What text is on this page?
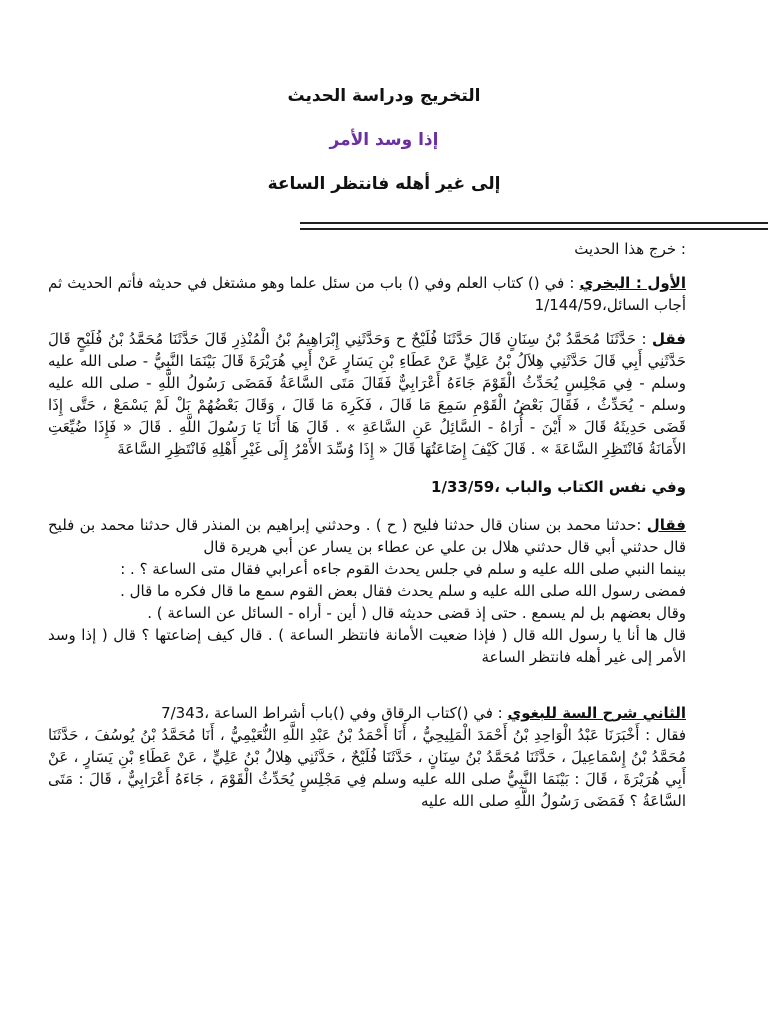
التخريج ودراسة الحديث
إذا وسد الأمر
إلى غير أهله فانتظر الساعة

: خرج هذا الحديث

الأول : البخري : في () كتاب العلم وفي () باب من سئل علما وهو مشتغل في حديثه فأتم الحديث ثم أجاب السائل،1/144/59

فقل : حَدَّثَنَا مُحَمَّدُ بْنُ سِنَانٍ قَالَ حَدَّثَنَا فُلَيْحٌ ح وَحَدَّثَنِي إِبْرَاهِيمُ بْنُ الْمُنْذِرِ قَالَ حَدَّثَنَا مُحَمَّدُ بْنُ فُلَيْحٍ قَالَ حَدَّثَنِي أَبِي قَالَ حَدَّثَنِي هِلاَلُ بْنُ عَلِيٍّ عَنْ عَطَاءِ بْنِ يَسَارٍ عَنْ أَبِي هُرَيْرَةَ قَالَ بَيْنَمَا النَّبِيُّ - صلى الله عليه وسلم - فِي مَجْلِسٍ يُحَدِّثُ الْقَوْمَ جَاءَهُ أَعْرَابِيٌّ فَقَالَ مَتَى السَّاعَةُ فَمَضَى رَسُولُ اللَّهِ - صلى الله عليه وسلم - يُحَدِّثُ ، فَقَالَ بَعْضُ الْقَوْمِ سَمِعَ مَا قَالَ ، فَكَرِهَ مَا قَالَ ، وَقَالَ بَعْضُهُمْ بَلْ لَمْ يَسْمَعْ ، حَتَّى إِذَا قَضَى حَدِيثَهُ قَالَ « أَيْنَ - أُرَاهُ - السَّائِلُ عَنِ السَّاعَةِ » . قَالَ هَا أَنَا يَا رَسُولَ اللَّهِ . قَالَ « فَإِذَا ضُيِّعَتِ الأَمَانَةُ فَانْتَظِرِ السَّاعَةَ » . قَالَ كَيْفَ إِضَاعَتُهَا قَالَ « إِذَا وُسِّدَ الأَمْرُ إِلَى غَيْرِ أَهْلِهِ فَانْتَظِرِ السَّاعَةَ

وفي نفس الكتاب والباب ،1/33/59

فقال :حدثنا محمد بن سنان قال حدثنا فليح ( ح ) . وحدثني إبراهيم بن المنذر قال حدثنا محمد بن فليح قال حدثني أبي قال حدثني هلال بن علي عن عطاء بن يسار عن أبي هريرة قال
بينما النبي صلى الله عليه و سلم في جلس يحدث القوم جاءه أعرابي فقال متى الساعة ؟ . :
فمضى رسول الله صلى الله عليه و سلم يحدث فقال بعض القوم سمع ما قال فكره ما قال .
وقال بعضهم بل لم يسمع . حتى إذ قضى حديثه قال ( أين - أراه - السائل عن الساعة ) .
قال ها أنا يا رسول الله قال ( فإذا ضعيت الأمانة فانتظر الساعة ) . قال كيف إضاعتها ؟ قال ( إذا وسد الأمر إلى غير أهله فانتظر الساعة

الثاني شرح السة للبغوي : في ()كتاب الرقاق وفي ()باب أشراط الساعة ،7/343

فقال : أَخْبَرَنَا عَبْدُ الْوَاحِدِ بْنُ أَحْمَدَ الْمَلِيحِيُّ ، أَنَا أَحْمَدُ بْنُ عَبْدِ اللَّهِ النُّعَيْمِيُّ ، أَنَا مُحَمَّدُ بْنُ يُوسُفَ ، حَدَّثَنَا مُحَمَّدُ بْنُ إِسْمَاعِيلَ ، حَدَّثَنَا مُحَمَّدُ بْنُ سِنَانٍ ، حَدَّثَنَا فُلَيْحٌ ، حَدَّثَنِي هِلالُ بْنُ عَلِيٍّ ، عَنْ عَطَاءِ بْنِ يَسَارٍ ، عَنْ أَبِي هُرَيْرَةَ ، قَالَ : بَيْنَمَا النَّبِيُّ صلى الله عليه وسلم فِي مَجْلِسٍ يُحَدِّثُ الْقَوْمَ ، جَاءَهُ أَعْرَابِيٌّ ، قَالَ : مَتَى السَّاعَةُ ؟ فَمَضَى رَسُولُ اللَّهِ صلى الله عليه
